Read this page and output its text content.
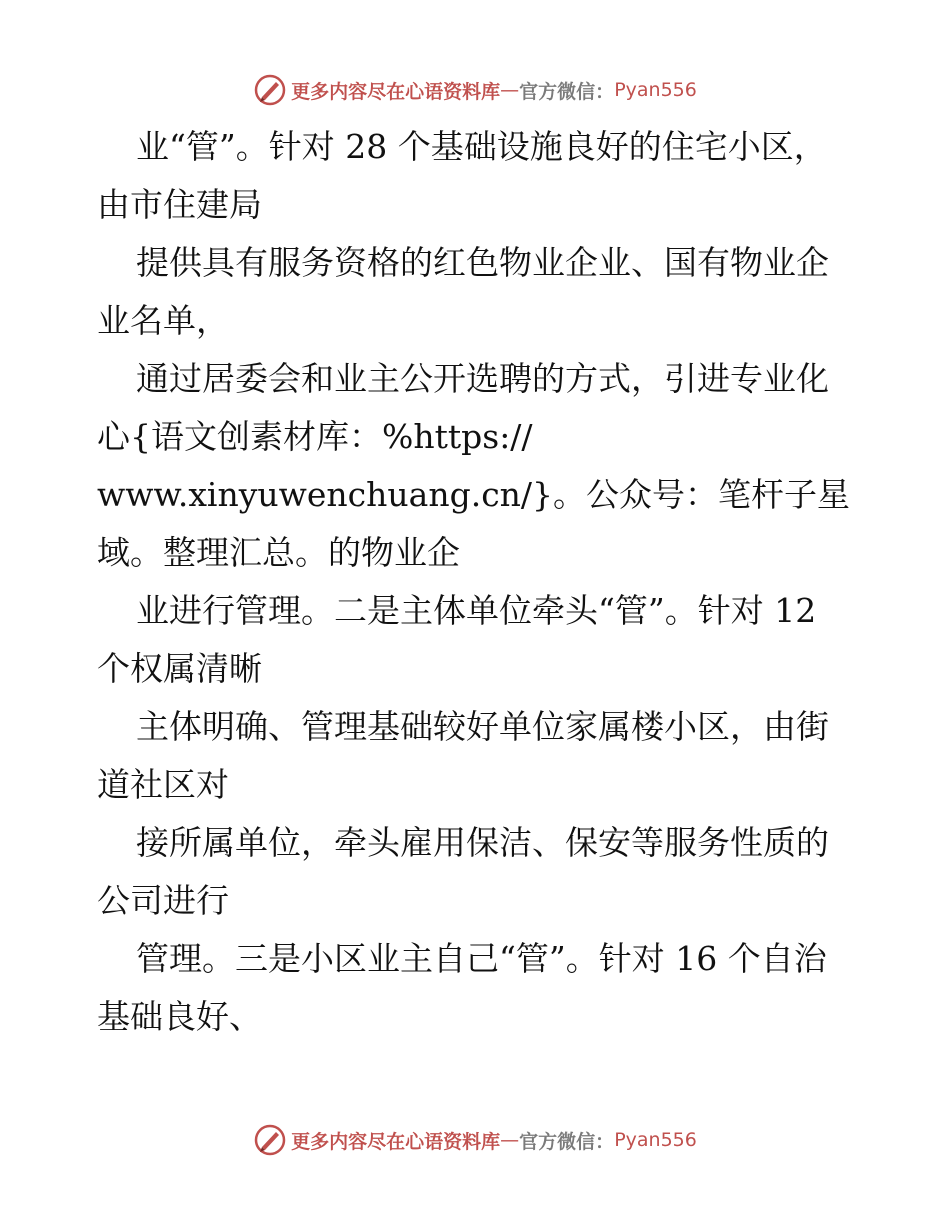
更多内容尽在心语资料库 — 官方微信： Pyan556

业“管”。针对 28 个基础设施良好的住宅小区，由市住建局

提供具有服务资格的红色物业企业、国有物业企业名单，

通过居委会和业主公开选聘的方式，引进专业化心{语文创素材库：%https://

www.xinyuwenchuang.cn/}。公众号：笔杆子星

域。整理汇总。的物业企

业进行管理。二是主体单位牵头“管”。针对 12 个权属清晰

主体明确、管理基础较好单位家属楼小区，由街道社区对

接所属单位，牵头雇用保洁、保安等服务性质的公司进行

管理。三是小区业主自己“管”。针对 16 个自治基础良好、

更多内容尽在心语资料库 — 官方微信： Pyan556
